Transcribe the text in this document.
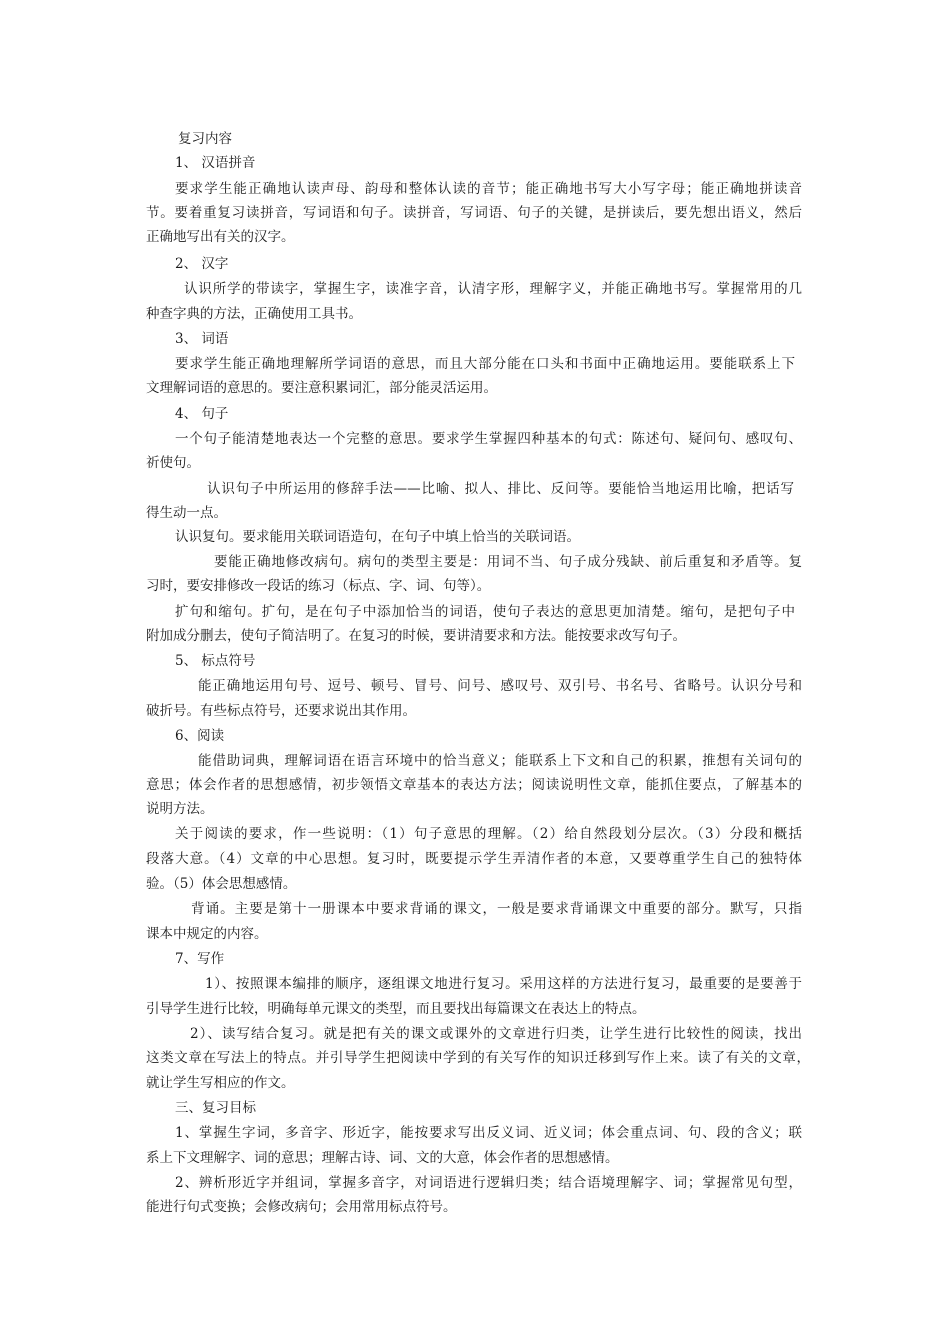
复习内容
1、 汉语拼音
要求学生能正确地认读声母、韵母和整体认读的音节；能正确地书写大小写字母；能正确地拼读音
节。要着重复习读拼音，写词语和句子。读拼音，写词语、句子的关键，是拼读后，要先想出语义，然后
正确地写出有关的汉字。
2、 汉字
认识所学的带读字，掌握生字，读准字音，认清字形，理解字义，并能正确地书写。掌握常用的几
种查字典的方法，正确使用工具书。
3、 词语
要求学生能正确地理解所学词语的意思，而且大部分能在口头和书面中正确地运用。要能联系上下
文理解词语的意思的。要注意积累词汇，部分能灵活运用。
4、 句子
一个句子能清楚地表达一个完整的意思。要求学生掌握四种基本的句式：陈述句、疑问句、感叹句、
祈使句。
认识句子中所运用的修辞手法——比喻、拟人、排比、反问等。要能恰当地运用比喻，把话写
得生动一点。
认识复句。要求能用关联词语造句，在句子中填上恰当的关联词语。
要能正确地修改病句。病句的类型主要是：用词不当、句子成分残缺、前后重复和矛盾等。复
习时，要安排修改一段话的练习（标点、字、词、句等）。
扩句和缩句。扩句，是在句子中添加恰当的词语，使句子表达的意思更加清楚。缩句，是把句子中
附加成分删去，使句子简洁明了。在复习的时候，要讲清要求和方法。能按要求改写句子。
5、 标点符号
能正确地运用句号、逗号、顿号、冒号、问号、感叹号、双引号、书名号、省略号。认识分号和
破折号。有些标点符号，还要求说出其作用。
6、阅读
能借助词典，理解词语在语言环境中的恰当意义；能联系上下文和自己的积累，推想有关词句的
意思；体会作者的思想感情，初步领悟文章基本的表达方法；阅读说明性文章，能抓住要点，了解基本的
说明方法。
关于阅读的要求，作一些说明：（1）句子意思的理解。（2）给自然段划分层次。（3）分段和概括
段落大意。（4）文章的中心思想。复习时，既要提示学生弄清作者的本意，又要尊重学生自己的独特体
验。（5）体会思想感情。
背诵。主要是第十一册课本中要求背诵的课文，一般是要求背诵课文中重要的部分。默写，只指
课本中规定的内容。
7、写作
1）、按照课本编排的顺序，逐组课文地进行复习。采用这样的方法进行复习，最重要的是要善于
引导学生进行比较，明确每单元课文的类型，而且要找出每篇课文在表达上的特点。
2）、读写结合复习。就是把有关的课文或课外的文章进行归类，让学生进行比较性的阅读，找出
这类文章在写法上的特点。并引导学生把阅读中学到的有关写作的知识迁移到写作上来。读了有关的文章，
就让学生写相应的作文。
三、复习目标
1、掌握生字词，多音字、形近字，能按要求写出反义词、近义词；体会重点词、句、段的含义；联
系上下文理解字、词的意思；理解古诗、词、文的大意，体会作者的思想感情。
2、辨析形近字并组词，掌握多音字，对词语进行逻辑归类；结合语境理解字、词；掌握常见句型，
能进行句式变换；会修改病句；会用常用标点符号。
